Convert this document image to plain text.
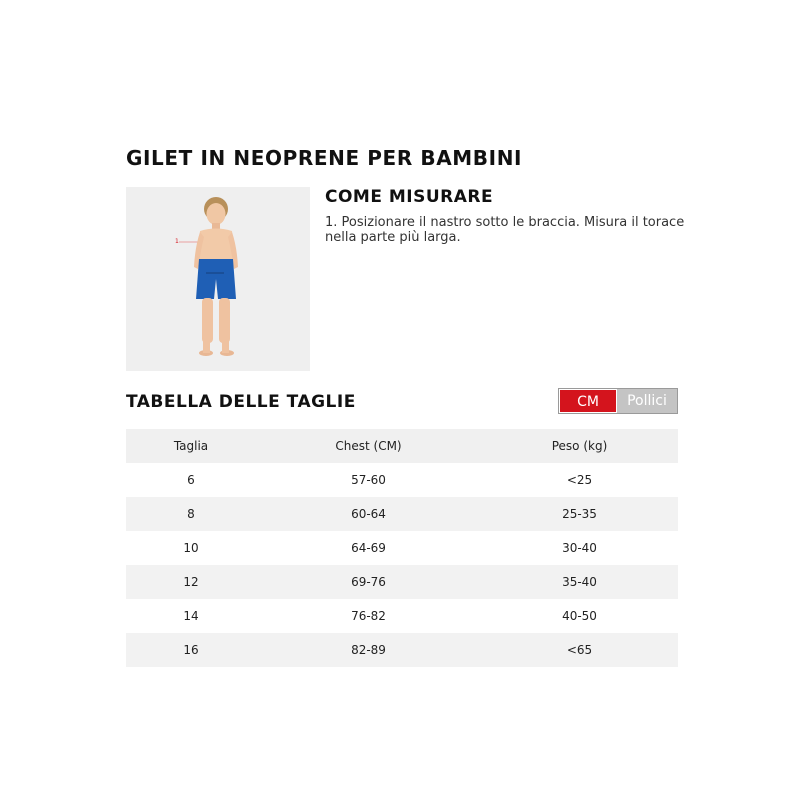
GILET IN NEOPRENE PER BAMBINI
1
COME MISURARE

1. Posizionare il nastro sotto le braccia. Misura il torace nella parte più larga.

TABELLA DELLE TAGLIE	CM	Pollici
Taglia	Chest (CM)	Peso (kg)
6	57-60	<25
8	60-64	25-35
10	64-69	30-40
12	69-76	35-40
14	76-82	40-50
16	82-89	<65
